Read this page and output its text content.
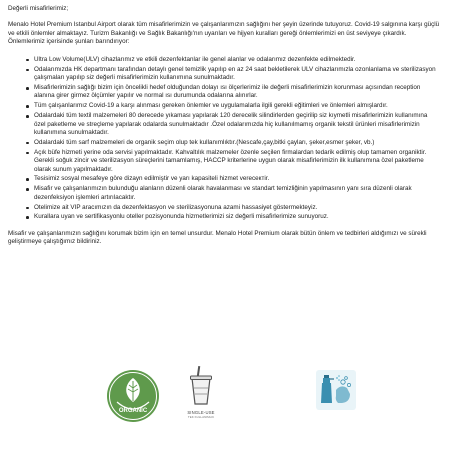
Değerli misafirlerimiz;

Menalo Hotel Premium Istanbul Airport olarak tüm misafirlerimizin ve çalışanlarımızın sağlığını her şeyin üzerinde tutuyoruz. Covid-19 salgınına karşı güçlü ve etkili önlemler almaktayız. Turizm Bakanlığı ve Sağlık Bakanlığı'nın uyarıları ve hijyen kuralları gereği önlemlerimizi en üst seviyeye çıkardık. Önlemlerimiz içerisinde şunları barındırıyor:

Ultra Low Volume(ULV) cihazlarımız ve etkili dezenfektanlar ile genel alanlar ve odalarımız dezenfekte edilmektedir.
Odalarımızda HK departmanı tarafından detaylı genel temizlik yapılıp en az 24 saat bekletilerek ULV cihazlarımızla ozonlanlama ve sterilizasyon çalışmaları yapılıp siz değerli misafirlerimizin kullanımına sunulmaktadır.
Misafirlerimizin sağlığı bizim için öncelikli hedef olduğundan dolayı ısı ölçerlerimiz ile değerli misafirlerimizin korunması açısından reception alanına girer girmez ölçümler yapılır ve normal ısı durumunda odalarına alınırlar.
Tüm çalışanlarımız Covid-19 a karşı alınması gereken önlemler ve uygulamalarla ilgili gerekli eğitimleri ve önlemleri almışlardır.
Odalardaki tüm textil malzemeleri 80 derecede yıkaması yapılarak 120 derecelik silindirlerden geçirilip siz kıymetli misafirlerimizin kullanımına özel paketleme ve streçleme yapılarak odalarda sunulmaktadır .Özel odalarımızda hiç kullanılmamış organik tekstil ürünleri misafirlerimizin kullanımına sunulmaktadır.
Odalardaki tüm sarf malzemeleri de organik seçim olup tek kullanımlıktır.(Nescafe,çay,bitki çayları, şeker,esmer şeker, vb.)
Açık büfe hizmeti yerine oda servisi yapılmaktadır. Kahvaltılık malzemeler özenle seçilen firmalardan tedarik edilmiş olup tamamen organiktir. Gerekli soğuk zincir ve sterilizasyon süreçlerini tamamlamış, HACCP kriterlerine uygun olarak misafirlerimizin ilk kullanımına özel paketleme olarak sunum yapılmaktadır.
Tesisimiz sosyal mesafeye göre dizayn edilmiştir ve yarı kapasiteli hizmet vereceктir.
Misafir ve çalışanlarımızın bulunduğu alanların düzenli olarak havalanması ve standart temizliğinin yapılmasının yanı sıra düzenli olarak dezenfeksiyon işlemleri artırılacaktır.
Otelimize ait VIP aracımızın da dezenfektasyon ve sterilizasyonuna azami hassasiyet göstermekteyiz.
Kurallara uyan ve sertifikasyonlu oteller pozisyonunda hizmetlerimizi siz değerli misafirlerimize sunuyoruz.

Misafir ve çalışanlarımızın sağlığını korumak bizim için en temel unsurdur. Menalo Hotel Premium olarak bütün önlem ve tedbirleri aldığımızı ve sürekli geliştirmeye çalıştığımız bildiriniz.

ORGANIC	SINGLE-USE
TEK KULLANIMLIK
